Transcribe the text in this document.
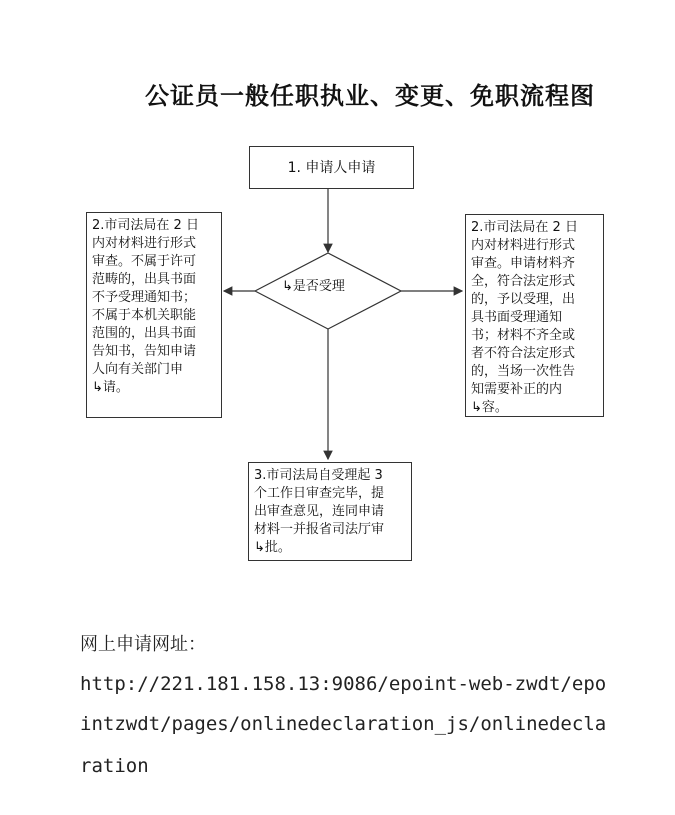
公证员一般任职执业、变更、免职流程图
1. 申请人申请
↳是否受理
2.市司法局在 2 日
内对材料进行形式
审查。不属于许可
范畴的，出具书面
不予受理通知书；
不属于本机关职能
范围的，出具书面
告知书，告知申请
人向有关部门申
↳请。
2.市司法局在 2 日
内对材料进行形式
审查。申请材料齐
全，符合法定形式
的，予以受理，出
具书面受理通知
书；材料不齐全或
者不符合法定形式
的，当场一次性告
知需要补正的内
↳容。
3.市司法局自受理起 3
个工作日审查完毕，提
出审查意见，连同申请
材料一并报省司法厅审
↳批。
网上申请网址：
http://221.181.158.13:9086/epoint-web-zwdt/epo
intzwdt/pages/onlinedeclaration_js/onlinedecla
ration
